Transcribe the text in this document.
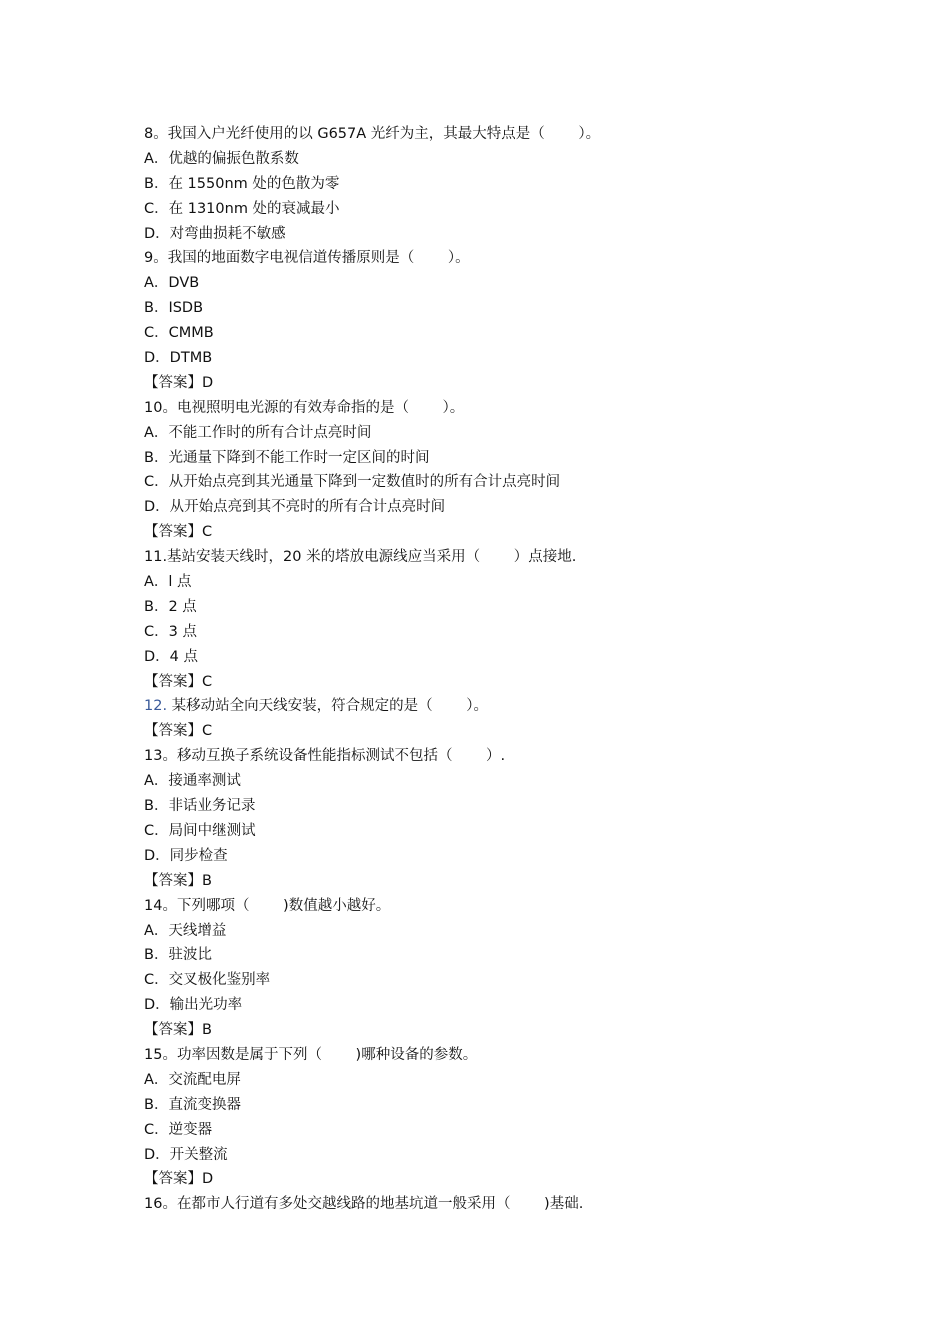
8。我国入户光纤使用的以 G657A 光纤为主，其最大特点是（　　 ）。
A．优越的偏振色散系数
B．在 1550nm 处的色散为零
C．在 1310nm 处的衰减最小
D．对弯曲损耗不敏感
9。我国的地面数字电视信道传播原则是（　　 ）。
A．DVB
B．ISDB
C．CMMB
D．DTMB
【答案】D
10。电视照明电光源的有效寿命指的是（　　 ）。
A．不能工作时的所有合计点亮时间
B．光通量下降到不能工作时一定区间的时间
C．从开始点亮到其光通量下降到一定数值时的所有合计点亮时间
D．从开始点亮到其不亮时的所有合计点亮时间
【答案】C
11.基站安装天线时，20 米的塔放电源线应当采用（　　 ）点接地.
A．l 点
B．2 点
C．3 点
D．4 点
【答案】C
12. 某移动站全向天线安装，符合规定的是（　　 ）。
【答案】C
13。移动互换子系统设备性能指标测试不包括（　　 ）.
A．接通率测试
B．非话业务记录
C．局间中继测试
D．同步检查
【答案】B
14。下列哪项（　　 )数值越小越好。
A．天线增益
B．驻波比
C．交叉极化鉴别率
D．输出光功率
【答案】B
15。功率因数是属于下列（　　 )哪种设备的参数。
A．交流配电屏
B．直流变换器
C．逆变器
D．开关整流
【答案】D
16。在都市人行道有多处交越线路的地基坑道一般采用（　　 )基础.
